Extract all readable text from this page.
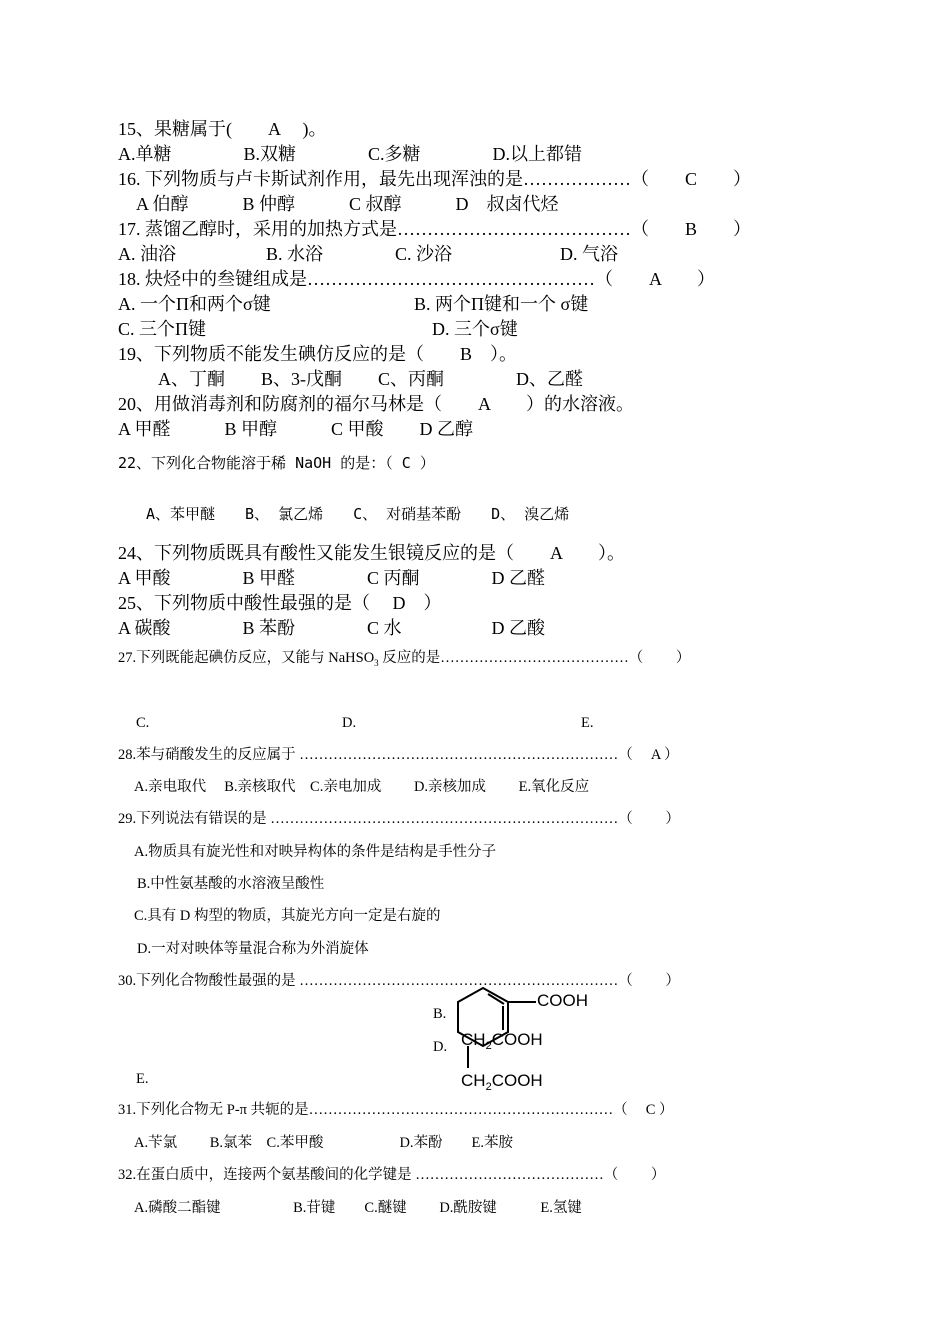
15、果糖属于(　　A　 )。
A.单糖　　　　B.双糖　　　　C.多糖　　　　D.以上都错
16. 下列物质与卢卡斯试剂作用，最先出现浑浊的是………………（　　C　　）
　A 伯醇　　　B 仲醇　　　C 叔醇　　　D　叔卤代烃
17. 蒸馏乙醇时，采用的加热方式是…………………………………（　　B　　）
A. 油浴　　　　　B. 水浴　　　　C. 沙浴　　　　　　D. 气浴
18. 炔烃中的叁键组成是…………………………………………（　　A　　）
A. 一个Π和两个σ键	B. 两个Π键和一个 σ键
C. 三个Π键	D. 三个σ键
19、下列物质不能发生碘仿反应的是（　　B　）。
A、丁酮　　B、3-戊酮　　C、丙酮　　　　D、乙醛
20、用做消毒剂和防腐剂的福尔马林是（　　A　　）的水溶液。
A 甲醛　　　B 甲醇　　　C 甲酸　　D 乙醇
22、下列化合物能溶于稀 NaOH 的是：（ C ）
A、苯甲醚　　B、 氯乙烯　　C、 对硝基苯酚　　D、 溴乙烯
24、下列物质既具有酸性又能发生银镜反应的是（　　A　　）。
A 甲酸　　　　B 甲醛　　　　C 丙酮　　　　D 乙醛
25、下列物质中酸性最强的是（　 D　）
A 碳酸　　　　B 苯酚　　　　C 水　　　　　D 乙酸
27.下列既能起碘仿反应，又能与 NaHSO$_3$ 反应的是…………………………………（　　 ）
C.	D.	E.
28.苯与硝酸发生的反应属于 …………………………………………………………（　 A ）
A.亲电取代　 B.亲核取代　C.亲电加成　　 D.亲核加成　　 E.氧化反应
29.下列说法有错误的是 ………………………………………………………………（　　 ）
A.物质具有旋光性和对映异构体的条件是结构是手性分子
B.中性氨基酸的水溶液呈酸性
C.具有 D 构型的物质，其旋光方向一定是右旋的
D.一对对映体等量混合称为外消旋体
30.下列化合物酸性最强的是 …………………………………………………………（　　 ）
B.
D.
E.
COOH
$CH_2COOH$
$CH_2COOH$
31.下列化合物无 P-π 共轭的是………………………………………………………（　 C ）
A.苄氯　　 B.氯苯　C.苯甲酸　　　　　 D.苯酚　　E.苯胺
32.在蛋白质中，连接两个氨基酸间的化学键是 …………………………………（　　 ）
A.磷酸二酯键　　　　　B.苷键　　C.醚键　　 D.酰胺键　　　E.氢键
